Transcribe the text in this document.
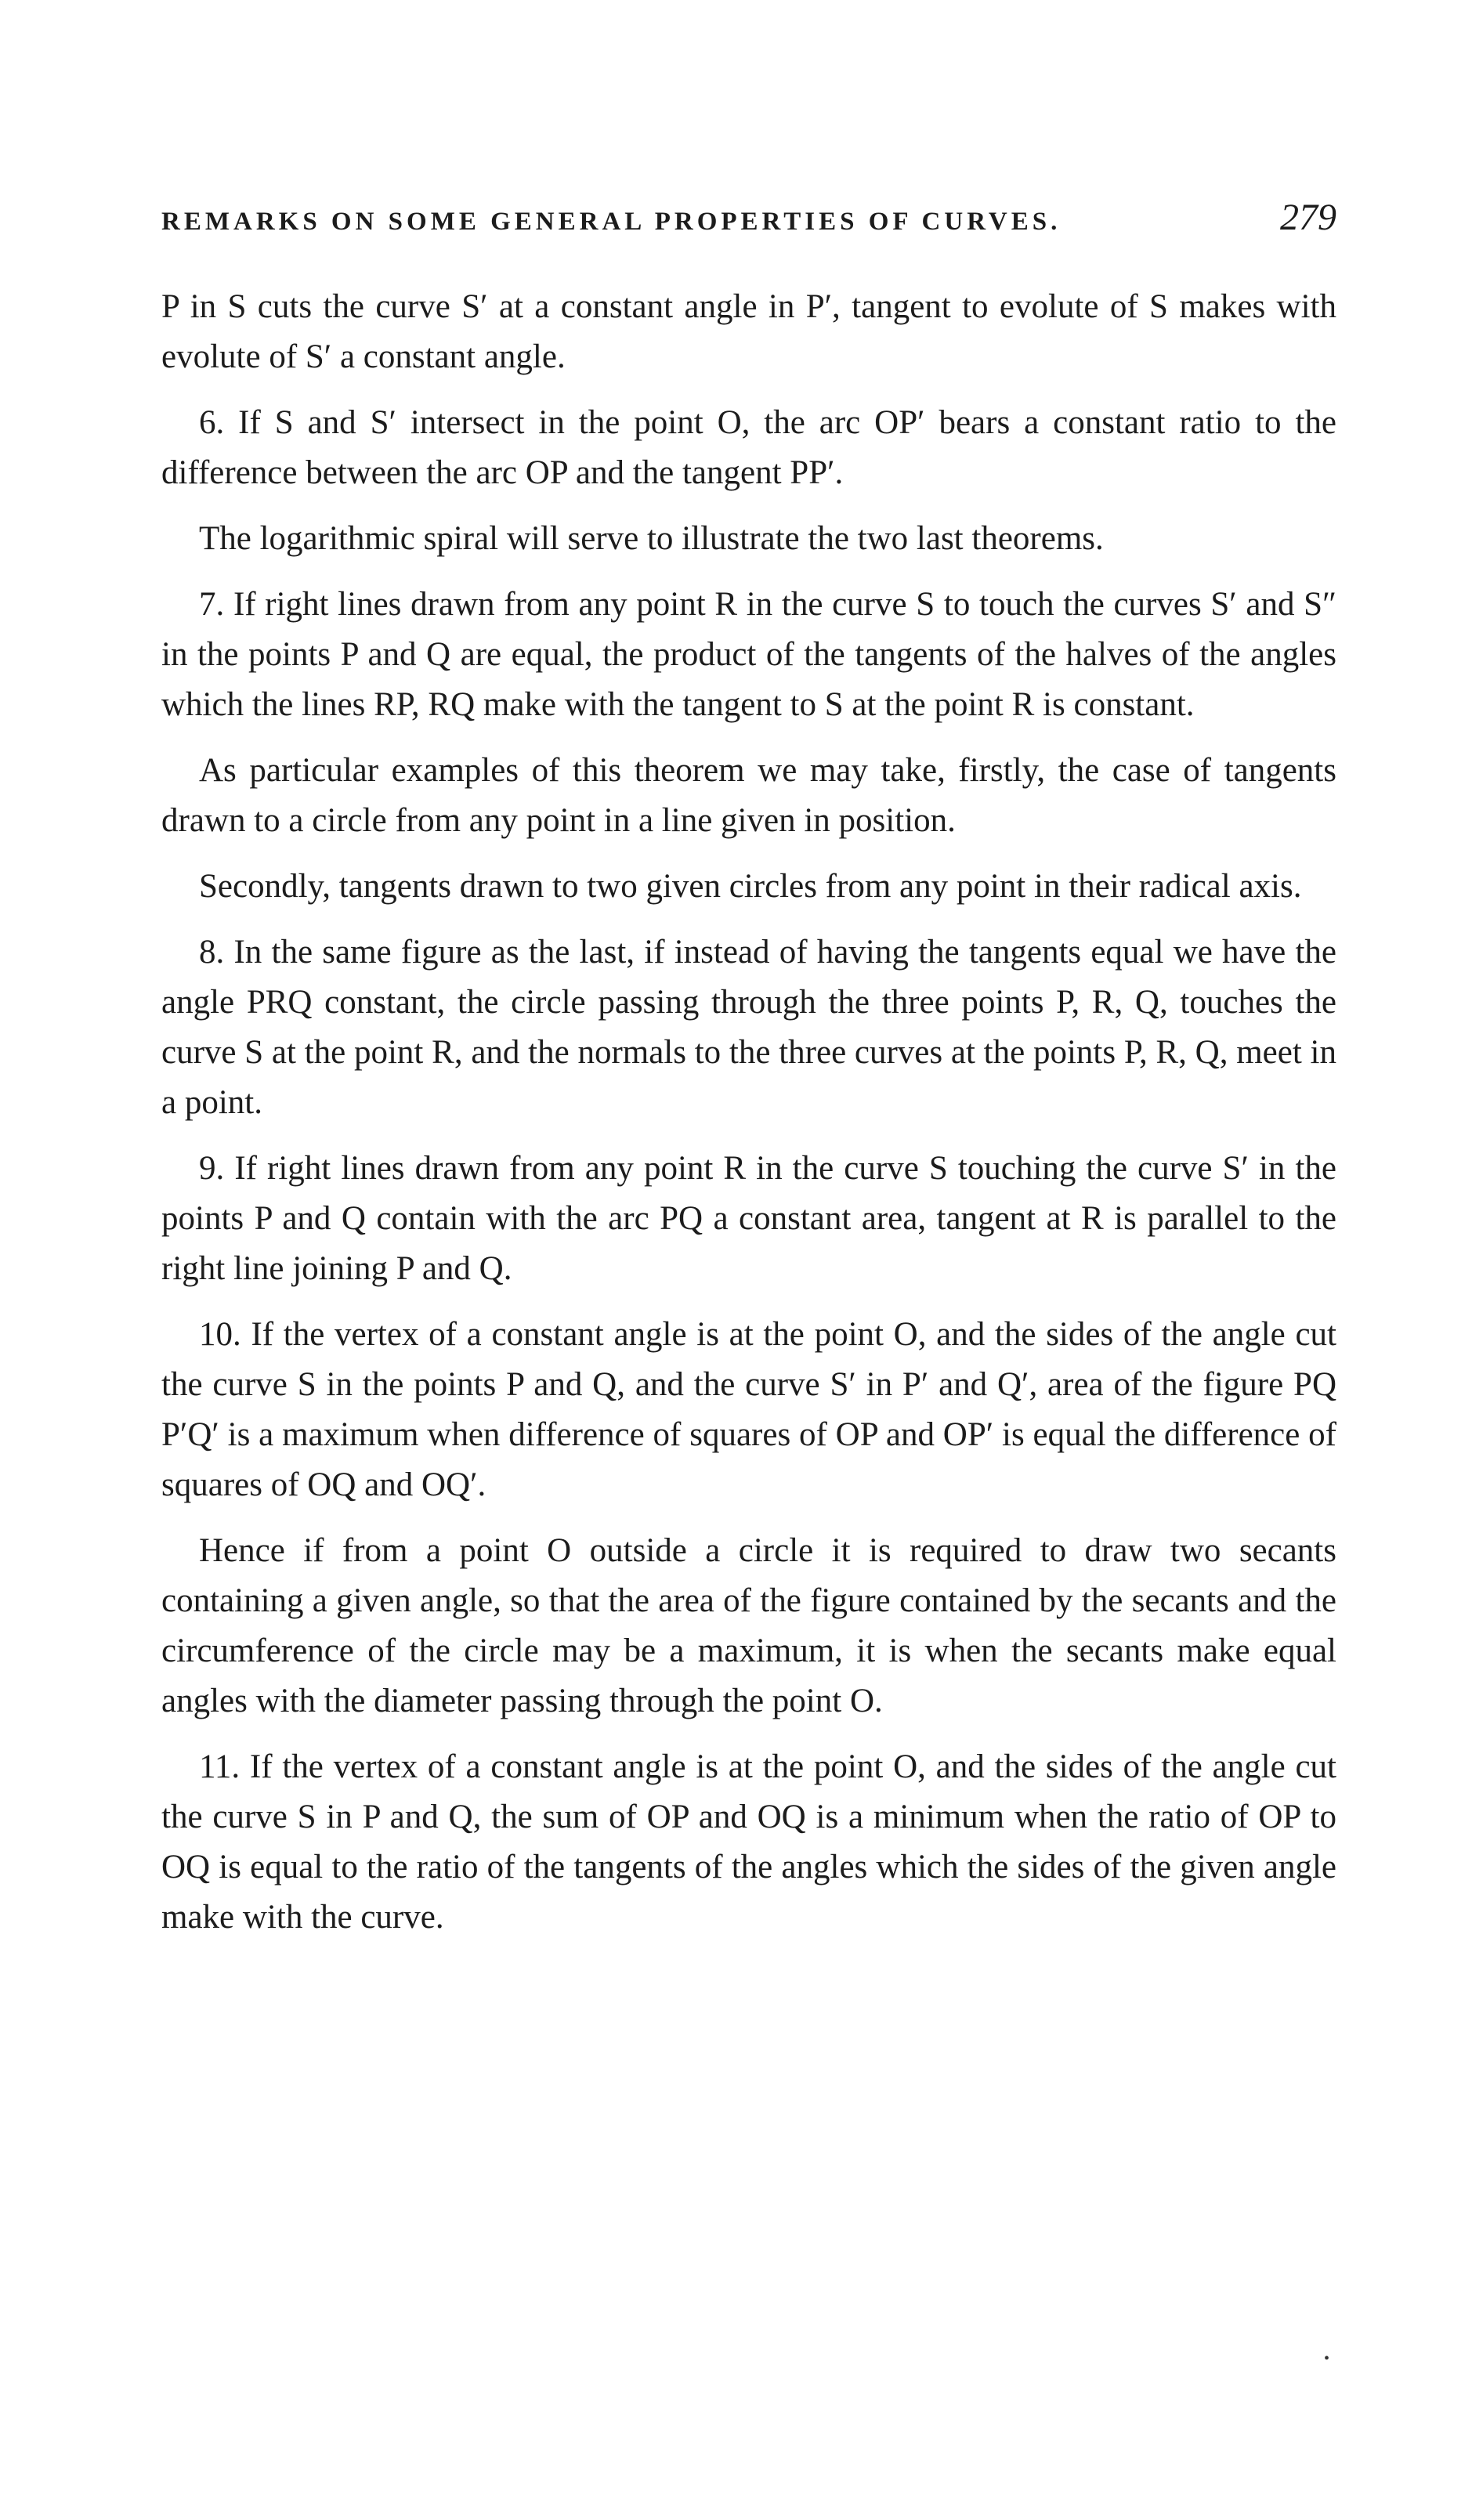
REMARKS ON SOME GENERAL PROPERTIES OF CURVES.	279

P in S cuts the curve S′ at a constant angle in P′, tangent to evolute of S makes with evolute of S′ a constant angle.

6. If S and S′ intersect in the point O, the arc OP′ bears a constant ratio to the difference between the arc OP and the tangent PP′.

The logarithmic spiral will serve to illustrate the two last theorems.

7. If right lines drawn from any point R in the curve S to touch the curves S′ and S″ in the points P and Q are equal, the product of the tangents of the halves of the angles which the lines RP, RQ make with the tangent to S at the point R is constant.

As particular examples of this theorem we may take, firstly, the case of tangents drawn to a circle from any point in a line given in position.

Secondly, tangents drawn to two given circles from any point in their radical axis.

8. In the same figure as the last, if instead of having the tangents equal we have the angle PRQ constant, the circle passing through the three points P, R, Q, touches the curve S at the point R, and the normals to the three curves at the points P, R, Q, meet in a point.

9. If right lines drawn from any point R in the curve S touching the curve S′ in the points P and Q contain with the arc PQ a constant area, tangent at R is parallel to the right line joining P and Q.

10. If the vertex of a constant angle is at the point O, and the sides of the angle cut the curve S in the points P and Q, and the curve S′ in P′ and Q′, area of the figure PQ P′Q′ is a maximum when difference of squares of OP and OP′ is equal the difference of squares of OQ and OQ′.

Hence if from a point O outside a circle it is required to draw two secants containing a given angle, so that the area of the figure contained by the secants and the circumference of the circle may be a maximum, it is when the secants make equal angles with the diameter passing through the point O.

11. If the vertex of a constant angle is at the point O, and the sides of the angle cut the curve S in P and Q, the sum of OP and OQ is a minimum when the ratio of OP to OQ is equal to the ratio of the tangents of the angles which the sides of the given angle make with the curve.

•
